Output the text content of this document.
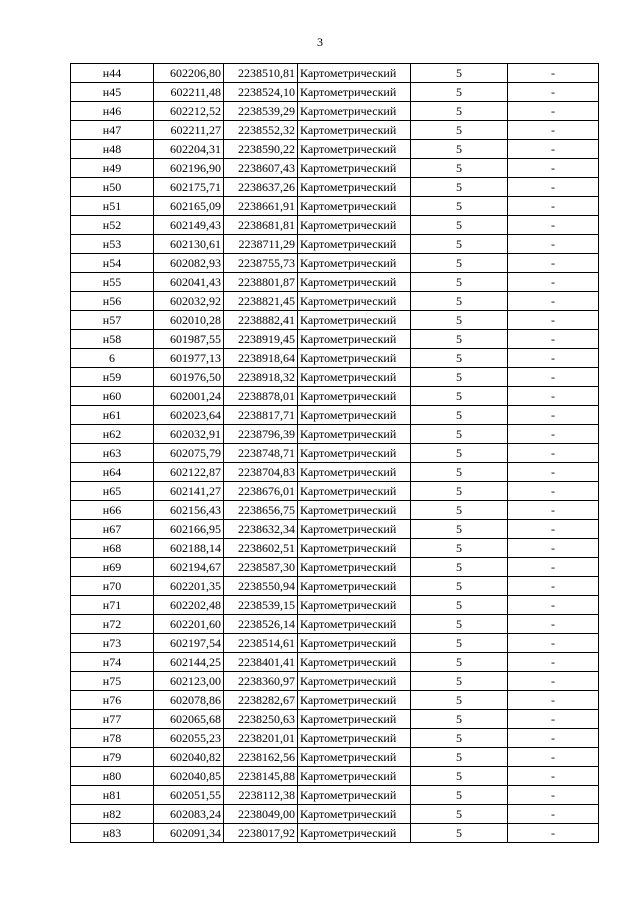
3
н44	602206,80	2238510,81	Картометрический	5	-
н45	602211,48	2238524,10	Картометрический	5	-
н46	602212,52	2238539,29	Картометрический	5	-
н47	602211,27	2238552,32	Картометрический	5	-
н48	602204,31	2238590,22	Картометрический	5	-
н49	602196,90	2238607,43	Картометрический	5	-
н50	602175,71	2238637,26	Картометрический	5	-
н51	602165,09	2238661,91	Картометрический	5	-
н52	602149,43	2238681,81	Картометрический	5	-
н53	602130,61	2238711,29	Картометрический	5	-
н54	602082,93	2238755,73	Картометрический	5	-
н55	602041,43	2238801,87	Картометрический	5	-
н56	602032,92	2238821,45	Картометрический	5	-
н57	602010,28	2238882,41	Картометрический	5	-
н58	601987,55	2238919,45	Картометрический	5	-
6	601977,13	2238918,64	Картометрический	5	-
н59	601976,50	2238918,32	Картометрический	5	-
н60	602001,24	2238878,01	Картометрический	5	-
н61	602023,64	2238817,71	Картометрический	5	-
н62	602032,91	2238796,39	Картометрический	5	-
н63	602075,79	2238748,71	Картометрический	5	-
н64	602122,87	2238704,83	Картометрический	5	-
н65	602141,27	2238676,01	Картометрический	5	-
н66	602156,43	2238656,75	Картометрический	5	-
н67	602166,95	2238632,34	Картометрический	5	-
н68	602188,14	2238602,51	Картометрический	5	-
н69	602194,67	2238587,30	Картометрический	5	-
н70	602201,35	2238550,94	Картометрический	5	-
н71	602202,48	2238539,15	Картометрический	5	-
н72	602201,60	2238526,14	Картометрический	5	-
н73	602197,54	2238514,61	Картометрический	5	-
н74	602144,25	2238401,41	Картометрический	5	-
н75	602123,00	2238360,97	Картометрический	5	-
н76	602078,86	2238282,67	Картометрический	5	-
н77	602065,68	2238250,63	Картометрический	5	-
н78	602055,23	2238201,01	Картометрический	5	-
н79	602040,82	2238162,56	Картометрический	5	-
н80	602040,85	2238145,88	Картометрический	5	-
н81	602051,55	2238112,38	Картометрический	5	-
н82	602083,24	2238049,00	Картометрический	5	-
н83	602091,34	2238017,92	Картометрический	5	-
